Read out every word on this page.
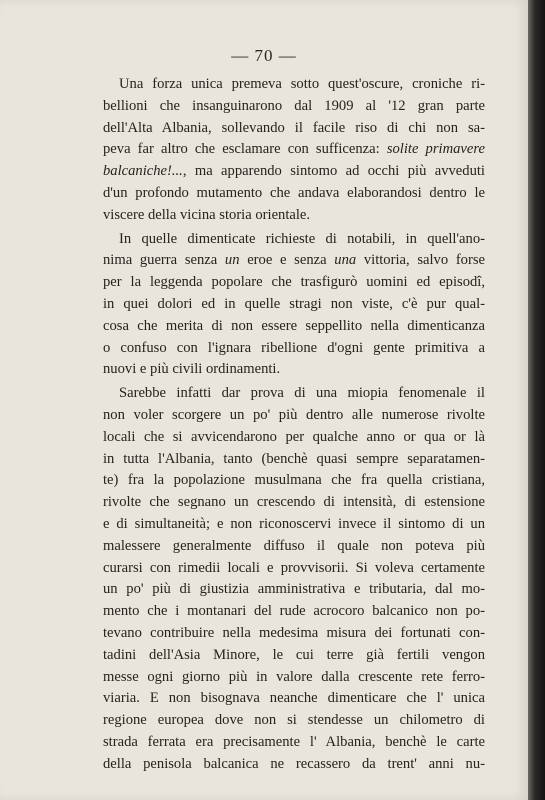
— 70 —
Una forza unica premeva sotto quest'oscure, croniche ri-
bellioni che insanguinarono dal 1909 al '12 gran parte
dell'Alta Albania, sollevando il facile riso di chi non sa-
peva far altro che esclamare con sufficenza: solite primavere
balcaniche!..., ma apparendo sintomo ad occhi più avveduti
d'un profondo mutamento che andava elaborandosi dentro le
viscere della vicina storia orientale.
In quelle dimenticate richieste di notabili, in quell'ano-
nima guerra senza un eroe e senza una vittoria, salvo forse
per la leggenda popolare che trasfigurò uomini ed episodî,
in quei dolori ed in quelle stragi non viste, c'è pur qual-
cosa che merita di non essere seppellito nella dimenticanza
o confuso con l'ignara ribellione d'ogni gente primitiva a
nuovi e più civili ordinamenti.
Sarebbe infatti dar prova di una miopia fenomenale il
non voler scorgere un po' più dentro alle numerose rivolte
locali che si avvicendarono per qualche anno or qua or là
in tutta l'Albania, tanto (benchè quasi sempre separatamen-
te) fra la popolazione musulmana che fra quella cristiana,
rivolte che segnano un crescendo di intensità, di estensione
e di simultaneità; e non riconoscervi invece il sintomo di un
malessere generalmente diffuso il quale non poteva più
curarsi con rimedii locali e provvisorii. Si voleva certamente
un po' più di giustizia amministrativa e tributaria, dal mo-
mento che i montanari del rude acrocoro balcanico non po-
tevano contribuire nella medesima misura dei fortunati con-
tadini dell'Asia Minore, le cui terre già fertili vengon
messe ogni giorno più in valore dalla crescente rete ferro-
viaria. E non bisognava neanche dimenticare che l' unica
regione europea dove non si stendesse un chilometro di
strada ferrata era precisamente l' Albania, benchè le carte
della penisola balcanica ne recassero da trent' anni nu-
